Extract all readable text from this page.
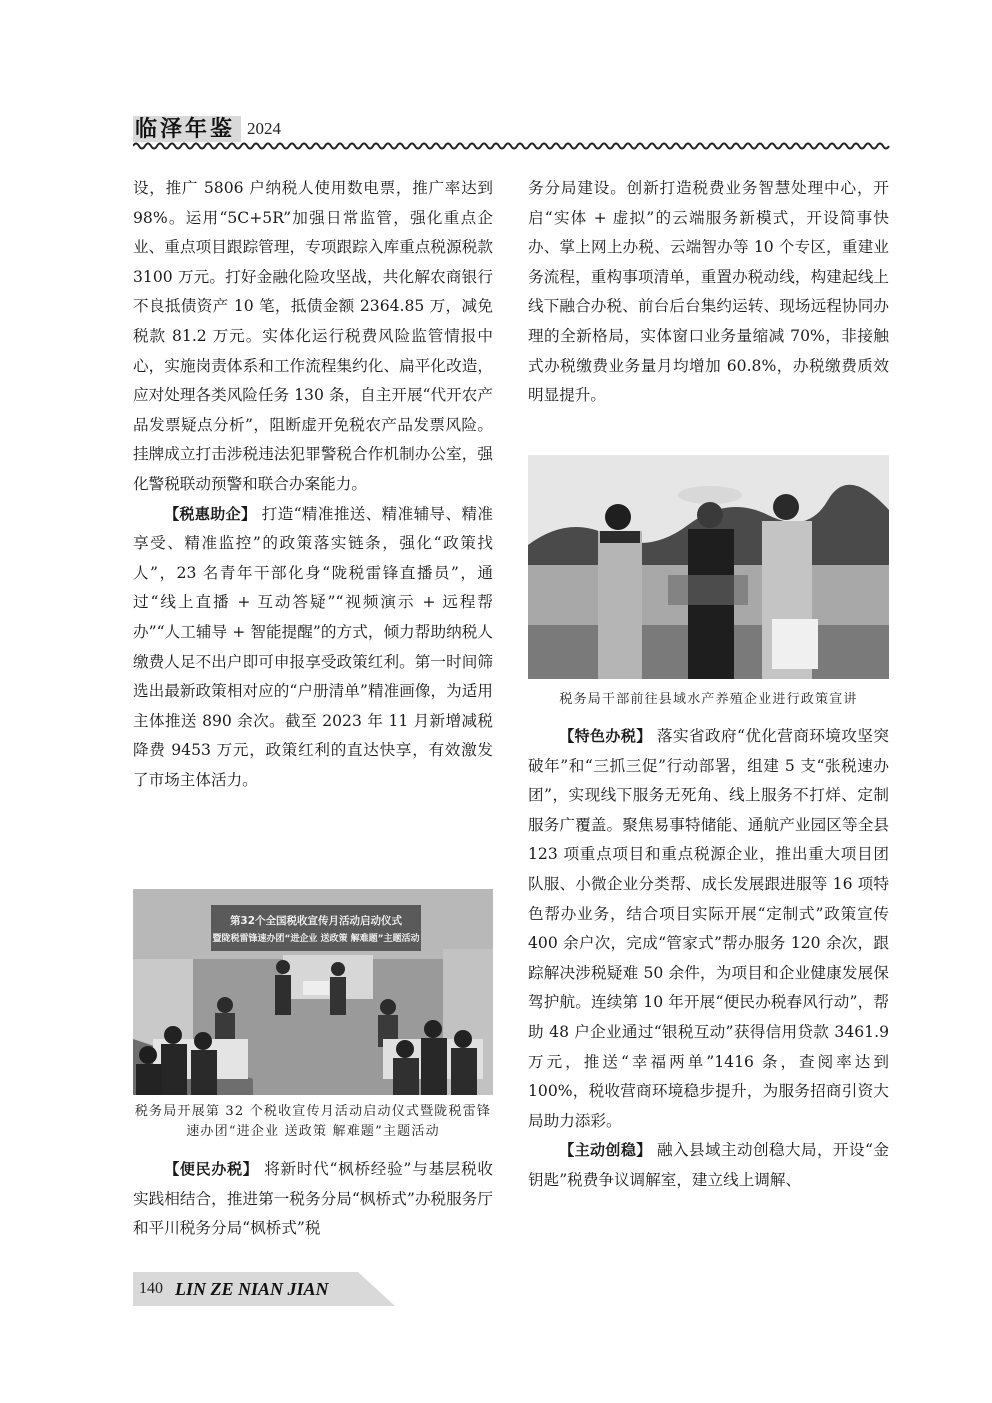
临泽年鉴 2024

设，推广 5806 户纳税人使用数电票，推广率达到 98%。运用“5C+5R”加强日常监管，强化重点企业、重点项目跟踪管理，专项跟踪入库重点税源税款 3100 万元。打好金融化险攻坚战，共化解农商银行不良抵债资产 10 笔，抵债金额 2364.85 万，减免税款 81.2 万元。实体化运行税费风险监管情报中心，实施岗责体系和工作流程集约化、扁平化改造，应对处理各类风险任务 130 条，自主开展“代开农产品发票疑点分析”，阻断虚开免税农产品发票风险。挂牌成立打击涉税违法犯罪警税合作机制办公室，强化警税联动预警和联合办案能力。

【税惠助企】 打造“精准推送、精准辅导、精准享受、精准监控”的政策落实链条，强化“政策找人”，23 名青年干部化身“陇税雷锋直播员”，通过“线上直播 + 互动答疑”“视频演示 + 远程帮办”“人工辅导 + 智能提醒”的方式，倾力帮助纳税人缴费人足不出户即可申报享受政策红利。第一时间筛选出最新政策相对应的“户册清单”精准画像，为适用主体推送 890 余次。截至 2023 年 11 月新增减税降费 9453 万元，政策红利的直达快享，有效激发了市场主体活力。

第32个全国税收宣传月活动启动仪式
暨陇税雷锋速办团“进企业 送政策 解难题”主题活动
税务局开展第 32 个税收宣传月活动启动仪式暨陇税雷锋速办团“进企业 送政策 解难题”主题活动

【便民办税】 将新时代“枫桥经验”与基层税收实践相结合，推进第一税务分局“枫桥式”办税服务厅和平川税务分局“枫桥式”税

务分局建设。创新打造税费业务智慧处理中心，开启“实体 + 虚拟”的云端服务新模式，开设简事快办、掌上网上办税、云端智办等 10 个专区，重建业务流程，重构事项清单，重置办税动线，构建起线上线下融合办税、前台后台集约运转、现场远程协同办理的全新格局，实体窗口业务量缩减 70%，非接触式办税缴费业务量月均增加 60.8%，办税缴费质效明显提升。

税务局干部前往县域水产养殖企业进行政策宣讲

【特色办税】 落实省政府“优化营商环境攻坚突破年”和“三抓三促”行动部署，组建 5 支“张税速办团”，实现线下服务无死角、线上服务不打烊、定制服务广覆盖。聚焦易事特储能、通航产业园区等全县 123 项重点项目和重点税源企业，推出重大项目团队服、小微企业分类帮、成长发展跟进服等 16 项特色帮办业务，结合项目实际开展“定制式”政策宣传 400 余户次，完成“管家式”帮办服务 120 余次，跟踪解决涉税疑难 50 余件，为项目和企业健康发展保驾护航。连续第 10 年开展“便民办税春风行动”，帮助 48 户企业通过“银税互动”获得信用贷款 3461.9 万元，推送“幸福两单”1416 条，查阅率达到 100%，税收营商环境稳步提升，为服务招商引资大局助力添彩。

【主动创稳】 融入县域主动创稳大局，开设“金钥匙”税费争议调解室，建立线上调解、

140 LIN ZE NIAN JIAN
